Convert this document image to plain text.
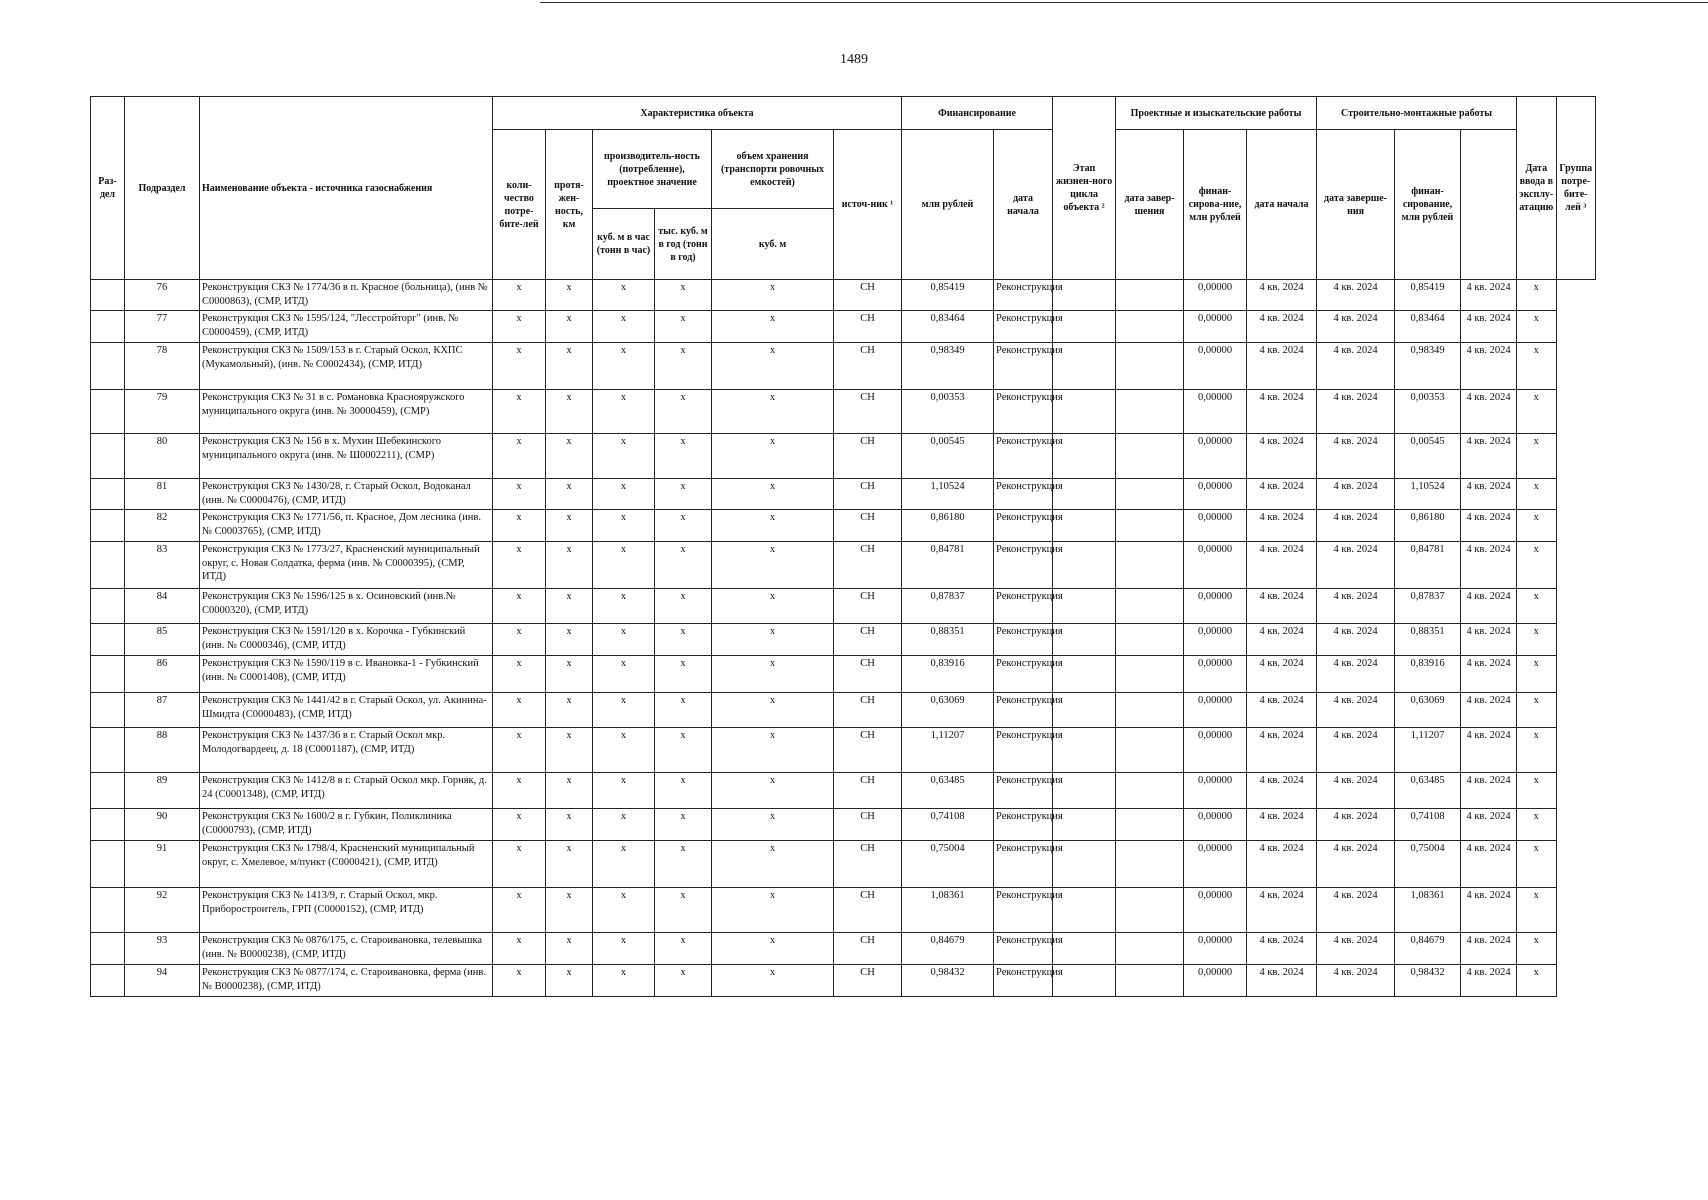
1489
Раз-дел	Подраздел	Наименование объекта - источника газоснабжения	Характеристика объекта						Финансирование		Этап жизнен-ного цикла объекта ²	Проектные и изыскательские работы			Строительно-монтажные работы			Дата ввода в эксплу-атацию	Группа потре-бите-лей ³
			коли-чество потре-бите-лей	протя-жен-ность, км	производитель-ность (потребление), проектное значение		объем хранения (транспорти ровочных емкостей)	источ-ник ¹	млн рублей	дата начала		дата завер-шения	финан-сирова-ние, млн рублей	дата начала	дата заверше-ния	финан-сирование, млн рублей			
					куб. м в час (тонн в час)	тыс. куб. м в год (тонн в год)	куб. м												
	76	Реконструкция СКЗ № 1774/36 в п. Красное (больница), (инв № С0000863), (СМР, ИТД)	x	x	x	x	x	СН	0,85419	Реконструкция			0,00000	4 кв. 2024	4 кв. 2024	0,85419	4 кв. 2024	x	
	77	Реконструкция СКЗ № 1595/124, "Лесстройторг" (инв. № С0000459), (СМР, ИТД)	x	x	x	x	x	СН	0,83464	Реконструкция			0,00000	4 кв. 2024	4 кв. 2024	0,83464	4 кв. 2024	x	
	78	Реконструкция СКЗ № 1509/153 в г. Старый Оскол, КХПС (Мукамольный), (инв. № С0002434), (СМР, ИТД)	x	x	x	x	x	СН	0,98349	Реконструкция			0,00000	4 кв. 2024	4 кв. 2024	0,98349	4 кв. 2024	x	
	79	Реконструкция СКЗ № 31 в с. Романовка Краснояружского муниципального округа (инв. № 30000459), (СМР)	x	x	x	x	x	СН	0,00353	Реконструкция			0,00000	4 кв. 2024	4 кв. 2024	0,00353	4 кв. 2024	x	
	80	Реконструкция СКЗ № 156 в х. Мухин Шебекинского муниципального округа (инв. № Ш0002211), (СМР)	x	x	x	x	x	СН	0,00545	Реконструкция			0,00000	4 кв. 2024	4 кв. 2024	0,00545	4 кв. 2024	x	
	81	Реконструкция СКЗ № 1430/28, г. Старый Оскол, Водоканал (инв. № С0000476), (СМР, ИТД)	x	x	x	x	x	СН	1,10524	Реконструкция			0,00000	4 кв. 2024	4 кв. 2024	1,10524	4 кв. 2024	x	
	82	Реконструкция СКЗ № 1771/56, п. Красное, Дом лесника (инв. № С0003765), (СМР, ИТД)	x	x	x	x	x	СН	0,86180	Реконструкция			0,00000	4 кв. 2024	4 кв. 2024	0,86180	4 кв. 2024	x	
	83	Реконструкция СКЗ № 1773/27, Красненский муниципальный округ, с. Новая Солдатка, ферма (инв. № С0000395), (СМР, ИТД)	x	x	x	x	x	СН	0,84781	Реконструкция			0,00000	4 кв. 2024	4 кв. 2024	0,84781	4 кв. 2024	x	
	84	Реконструкция СКЗ № 1596/125 в х. Осиновский (инв.№ С0000320), (СМР, ИТД)	x	x	x	x	x	СН	0,87837	Реконструкция			0,00000	4 кв. 2024	4 кв. 2024	0,87837	4 кв. 2024	x	
	85	Реконструкция СКЗ № 1591/120 в х. Корочка - Губкинский (инв. № С0000346), (СМР, ИТД)	x	x	x	x	x	СН	0,88351	Реконструкция			0,00000	4 кв. 2024	4 кв. 2024	0,88351	4 кв. 2024	x	
	86	Реконструкция СКЗ № 1590/119 в с. Ивановка-1 - Губкинский (инв. № С0001408), (СМР, ИТД)	x	x	x	x	x	СН	0,83916	Реконструкция			0,00000	4 кв. 2024	4 кв. 2024	0,83916	4 кв. 2024	x	
	87	Реконструкция СКЗ № 1441/42 в г. Старый Оскол, ул. Акинина-Шмидта (С0000483), (СМР, ИТД)	x	x	x	x	x	СН	0,63069	Реконструкция			0,00000	4 кв. 2024	4 кв. 2024	0,63069	4 кв. 2024	x	
	88	Реконструкция СКЗ № 1437/36 в г. Старый Оскол мкр. Молодогвардеец, д. 18 (С0001187), (СМР, ИТД)	x	x	x	x	x	СН	1,11207	Реконструкция			0,00000	4 кв. 2024	4 кв. 2024	1,11207	4 кв. 2024	x	
	89	Реконструкция СКЗ № 1412/8 в г. Старый Оскол мкр. Горняк, д. 24 (С0001348), (СМР, ИТД)	x	x	x	x	x	СН	0,63485	Реконструкция			0,00000	4 кв. 2024	4 кв. 2024	0,63485	4 кв. 2024	x	
	90	Реконструкция СКЗ № 1600/2 в г. Губкин, Поликлиника (С0000793), (СМР, ИТД)	x	x	x	x	x	СН	0,74108	Реконструкция			0,00000	4 кв. 2024	4 кв. 2024	0,74108	4 кв. 2024	x	
	91	Реконструкция СКЗ № 1798/4, Красненский муниципальный округ, с. Хмелевое, м/пункт (С0000421), (СМР, ИТД)	x	x	x	x	x	СН	0,75004	Реконструкция			0,00000	4 кв. 2024	4 кв. 2024	0,75004	4 кв. 2024	x	
	92	Реконструкция СКЗ № 1413/9, г. Старый Оскол, мкр. Приборостроитель, ГРП (С0000152), (СМР, ИТД)	x	x	x	x	x	СН	1,08361	Реконструкция			0,00000	4 кв. 2024	4 кв. 2024	1,08361	4 кв. 2024	x	
	93	Реконструкция СКЗ № 0876/175, с. Староивановка, телевышка (инв. № В0000238), (СМР, ИТД)	x	x	x	x	x	СН	0,84679	Реконструкция			0,00000	4 кв. 2024	4 кв. 2024	0,84679	4 кв. 2024	x	
	94	Реконструкция СКЗ № 0877/174, с. Староивановка, ферма (инв. № В0000238), (СМР, ИТД)	x	x	x	x	x	СН	0,98432	Реконструкция			0,00000	4 кв. 2024	4 кв. 2024	0,98432	4 кв. 2024	x	
